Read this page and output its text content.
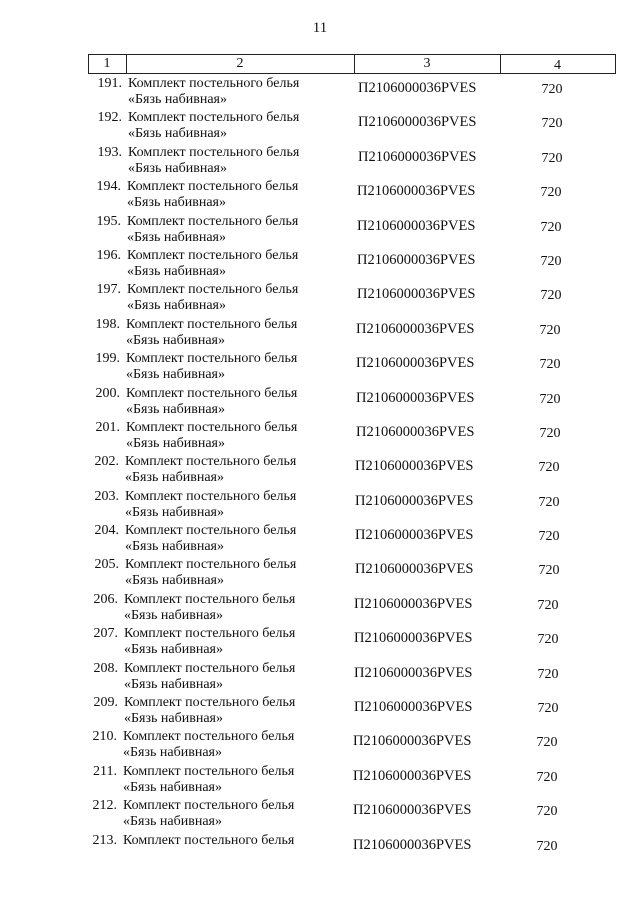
11
1	2	3	4
191. Комплект постельного белья
«Бязь набивная»
П2106000036PVES	720
192. Комплект постельного белья
«Бязь набивная»
П2106000036PVES	720
193. Комплект постельного белья
«Бязь набивная»
П2106000036PVES	720
194. Комплект постельного белья
«Бязь набивная»
П2106000036PVES	720
195. Комплект постельного белья
«Бязь набивная»
П2106000036PVES	720
196. Комплект постельного белья
«Бязь набивная»
П2106000036PVES	720
197. Комплект постельного белья
«Бязь набивная»
П2106000036PVES	720
198. Комплект постельного белья
«Бязь набивная»
П2106000036PVES	720
199. Комплект постельного белья
«Бязь набивная»
П2106000036PVES	720
200. Комплект постельного белья
«Бязь набивная»
П2106000036PVES	720
201. Комплект постельного белья
«Бязь набивная»
П2106000036PVES	720
202. Комплект постельного белья
«Бязь набивная»
П2106000036PVES	720
203. Комплект постельного белья
«Бязь набивная»
П2106000036PVES	720
204. Комплект постельного белья
«Бязь набивная»
П2106000036PVES	720
205. Комплект постельного белья
«Бязь набивная»
П2106000036PVES	720
206. Комплект постельного белья
«Бязь набивная»
П2106000036PVES	720
207. Комплект постельного белья
«Бязь набивная»
П2106000036PVES	720
208. Комплект постельного белья
«Бязь набивная»
П2106000036PVES	720
209. Комплект постельного белья
«Бязь набивная»
П2106000036PVES	720
210. Комплект постельного белья
«Бязь набивная»
П2106000036PVES	720
211. Комплект постельного белья
«Бязь набивная»
П2106000036PVES	720
212. Комплект постельного белья
«Бязь набивная»
П2106000036PVES	720
213. Комплект постельного белья	П2106000036PVES	720
